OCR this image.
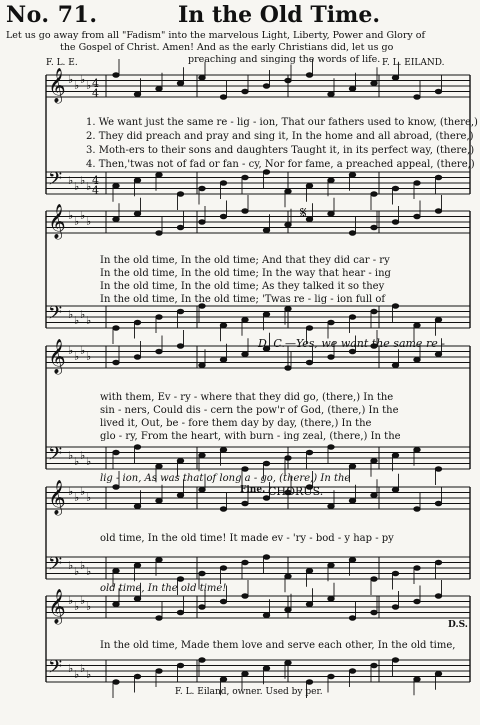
No. 71.	In the Old Time.
Let us go away from all "Fadism" into the marvelous Light, Liberty, Power and Glory of
the Gospel of Christ. Amen! And as the early Christians did, let us go
preaching and singing the words of life.
F. L. E.	F. L. EILAND.
𝄞 ♭ ♭ ♭ ♭
𝄢 ♭ ♭ ♭ ♭
𝄞 ♭ ♭ ♭ ♭
𝄢 ♭ ♭ ♭ ♭
𝄞 ♭ ♭ ♭ ♭
𝄢 ♭ ♭ ♭ ♭
𝄞 ♭ ♭ ♭ ♭
𝄢 ♭ ♭ ♭ ♭
𝄞 ♭ ♭ ♭ ♭
𝄢 ♭ ♭ ♭ ♭
4
4
4
4
1. We want just the same re - lig - ion, That our fathers used to know, (there,)
2. They did preach and pray and sing it, In the home and all abroad, (there,)
3. Moth-ers to their sons and daughters Taught it, in its perfect way, (there,)
4. Then,'twas not of fad or fan - cy, Nor for fame, a preached appeal, (there,)
𝄋
In the old time, In the old time; And that they did car - ry
In the old time, In the old time; In the way that hear - ing
In the old time, In the old time; As they talked it so they
In the old time, In the old time; 'Twas re - lig - ion full of
D. C.—Yes, we want the same re -
with them, Ev - ry - where that they did go, (there,) In the
sin - ners, Could dis - cern the pow'r of God, (there,) In the
lived it, Out, be - fore them day by day, (there,) In the
glo - ry, From the heart, with burn - ing zeal, (there,) In the
lig - ion, As was that of long a - go, (there,) In the
Fine. CHORUS.
old time, In the old time! It made ev - 'ry - bod - y hap - py
old time, In the old time!
D.S.
In the old time, Made them love and serve each other, In the old time,
F. L. Eiland, owner. Used by per.
